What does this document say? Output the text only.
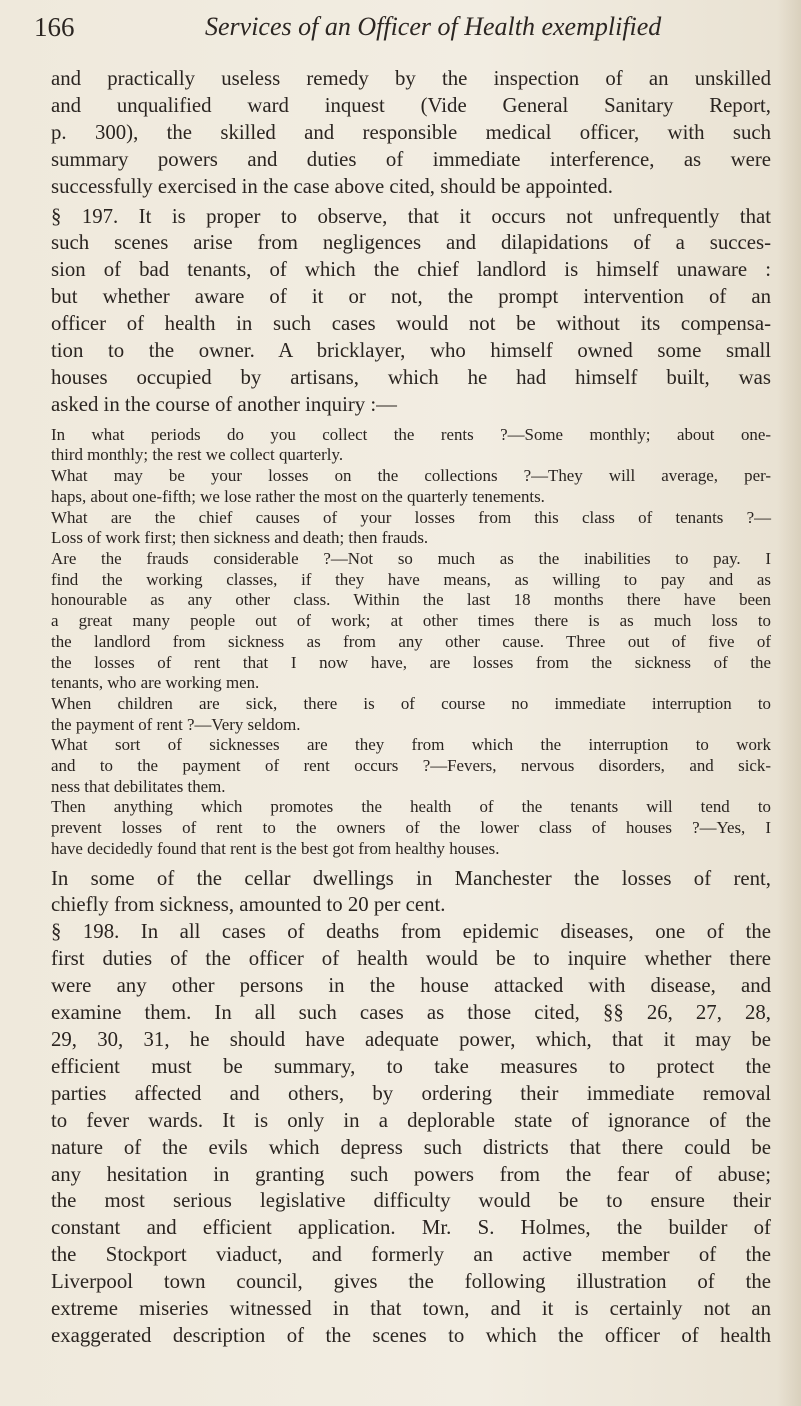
166	Services of an Officer of Health exemplified

and practically useless remedy by the inspection of an unskilled
and unqualified ward inquest (Vide General Sanitary Report,
p. 300), the skilled and responsible medical officer, with such
summary powers and duties of immediate interference, as were
successfully exercised in the case above cited, should be appointed.

§ 197. It is proper to observe, that it occurs not unfrequently that
such scenes arise from negligences and dilapidations of a succes-
sion of bad tenants, of which the chief landlord is himself unaware :
but whether aware of it or not, the prompt intervention of an
officer of health in such cases would not be without its compensa-
tion to the owner. A bricklayer, who himself owned some small
houses occupied by artisans, which he had himself built, was
asked in the course of another inquiry :—

In what periods do you collect the rents ?—Some monthly; about one-
third monthly; the rest we collect quarterly.
What may be your losses on the collections ?—They will average, per-
haps, about one-fifth; we lose rather the most on the quarterly tenements.
What are the chief causes of your losses from this class of tenants ?—
Loss of work first; then sickness and death; then frauds.
Are the frauds considerable ?—Not so much as the inabilities to pay. I
find the working classes, if they have means, as willing to pay and as
honourable as any other class. Within the last 18 months there have been
a great many people out of work; at other times there is as much loss to
the landlord from sickness as from any other cause. Three out of five of
the losses of rent that I now have, are losses from the sickness of the
tenants, who are working men.
When children are sick, there is of course no immediate interruption to
the payment of rent ?—Very seldom.
What sort of sicknesses are they from which the interruption to work
and to the payment of rent occurs ?—Fevers, nervous disorders, and sick-
ness that debilitates them.
Then anything which promotes the health of the tenants will tend to
prevent losses of rent to the owners of the lower class of houses ?—Yes, I
have decidedly found that rent is the best got from healthy houses.

In some of the cellar dwellings in Manchester the losses of rent,
chiefly from sickness, amounted to 20 per cent.

§ 198. In all cases of deaths from epidemic diseases, one of the
first duties of the officer of health would be to inquire whether there
were any other persons in the house attacked with disease, and
examine them. In all such cases as those cited, §§ 26, 27, 28,
29, 30, 31, he should have adequate power, which, that it may be
efficient must be summary, to take measures to protect the
parties affected and others, by ordering their immediate removal
to fever wards. It is only in a deplorable state of ignorance of the
nature of the evils which depress such districts that there could be
any hesitation in granting such powers from the fear of abuse;
the most serious legislative difficulty would be to ensure their
constant and efficient application. Mr. S. Holmes, the builder of
the Stockport viaduct, and formerly an active member of the
Liverpool town council, gives the following illustration of the
extreme miseries witnessed in that town, and it is certainly not an
exaggerated description of the scenes to which the officer of health
